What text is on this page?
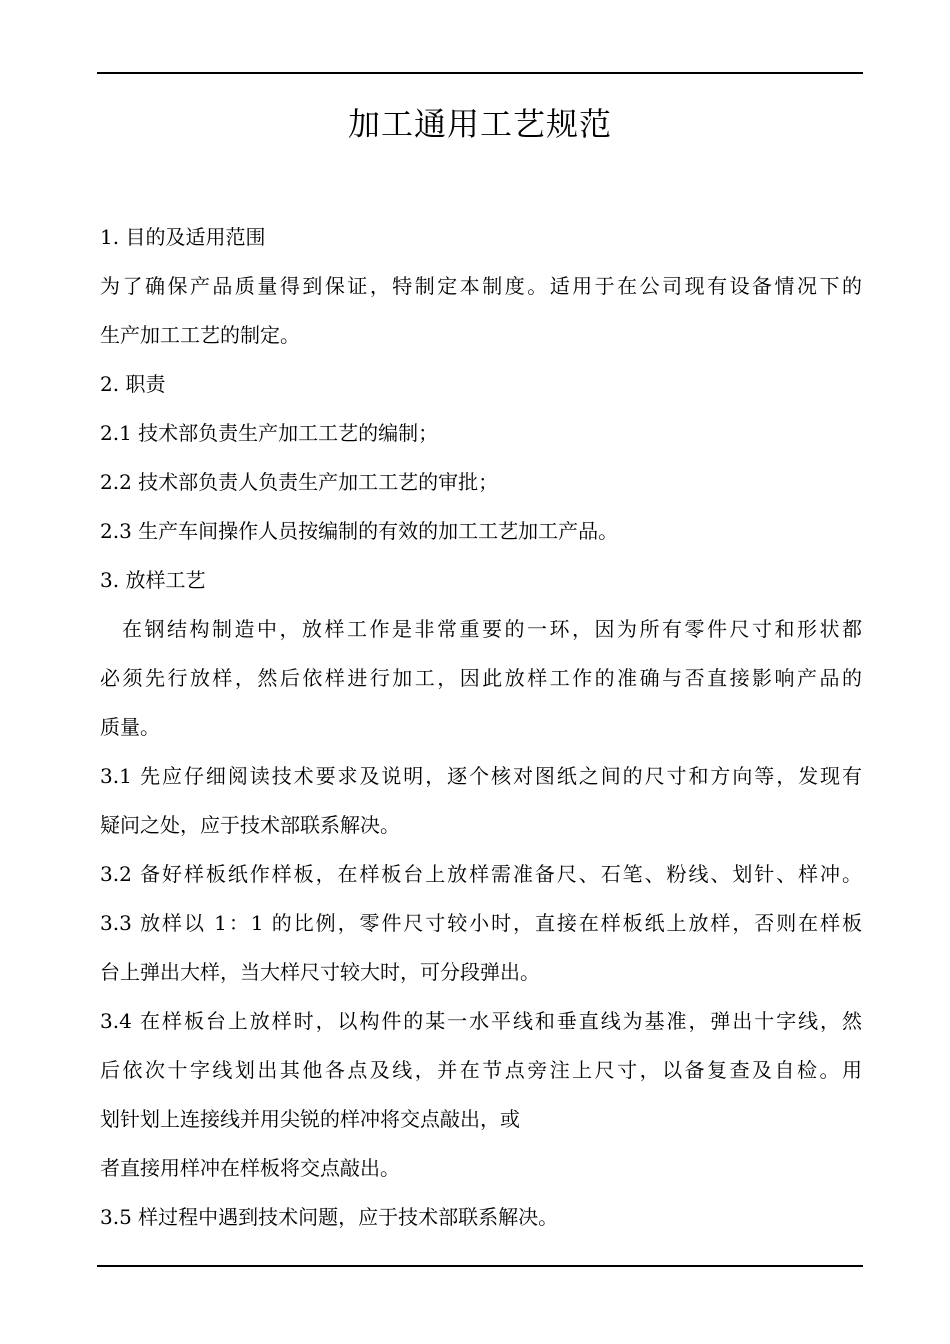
加工通用工艺规范

1. 目的及适用范围

为了确保产品质量得到保证，特制定本制度。适用于在公司现有设备情况下的

生产加工工艺的制定。

2. 职责

2.1 技术部负责生产加工工艺的编制；

2.2 技术部负责人负责生产加工工艺的审批；

2.3 生产车间操作人员按编制的有效的加工工艺加工产品。

3. 放样工艺

在钢结构制造中，放样工作是非常重要的一环，因为所有零件尺寸和形状都

必须先行放样，然后依样进行加工，因此放样工作的准确与否直接影响产品的

质量。

3.1 先应仔细阅读技术要求及说明，逐个核对图纸之间的尺寸和方向等，发现有

疑问之处，应于技术部联系解决。

3.2 备好样板纸作样板，在样板台上放样需准备尺、石笔、粉线、划针、样冲。

3.3 放样以 1：1 的比例，零件尺寸较小时，直接在样板纸上放样，否则在样板

台上弹出大样，当大样尺寸较大时，可分段弹出。

3.4 在样板台上放样时，以构件的某一水平线和垂直线为基准，弹出十字线，然

后依次十字线划出其他各点及线，并在节点旁注上尺寸，以备复查及自检。用

划针划上连接线并用尖锐的样冲将交点敲出，或

者直接用样冲在样板将交点敲出。

3.5 样过程中遇到技术问题，应于技术部联系解决。
